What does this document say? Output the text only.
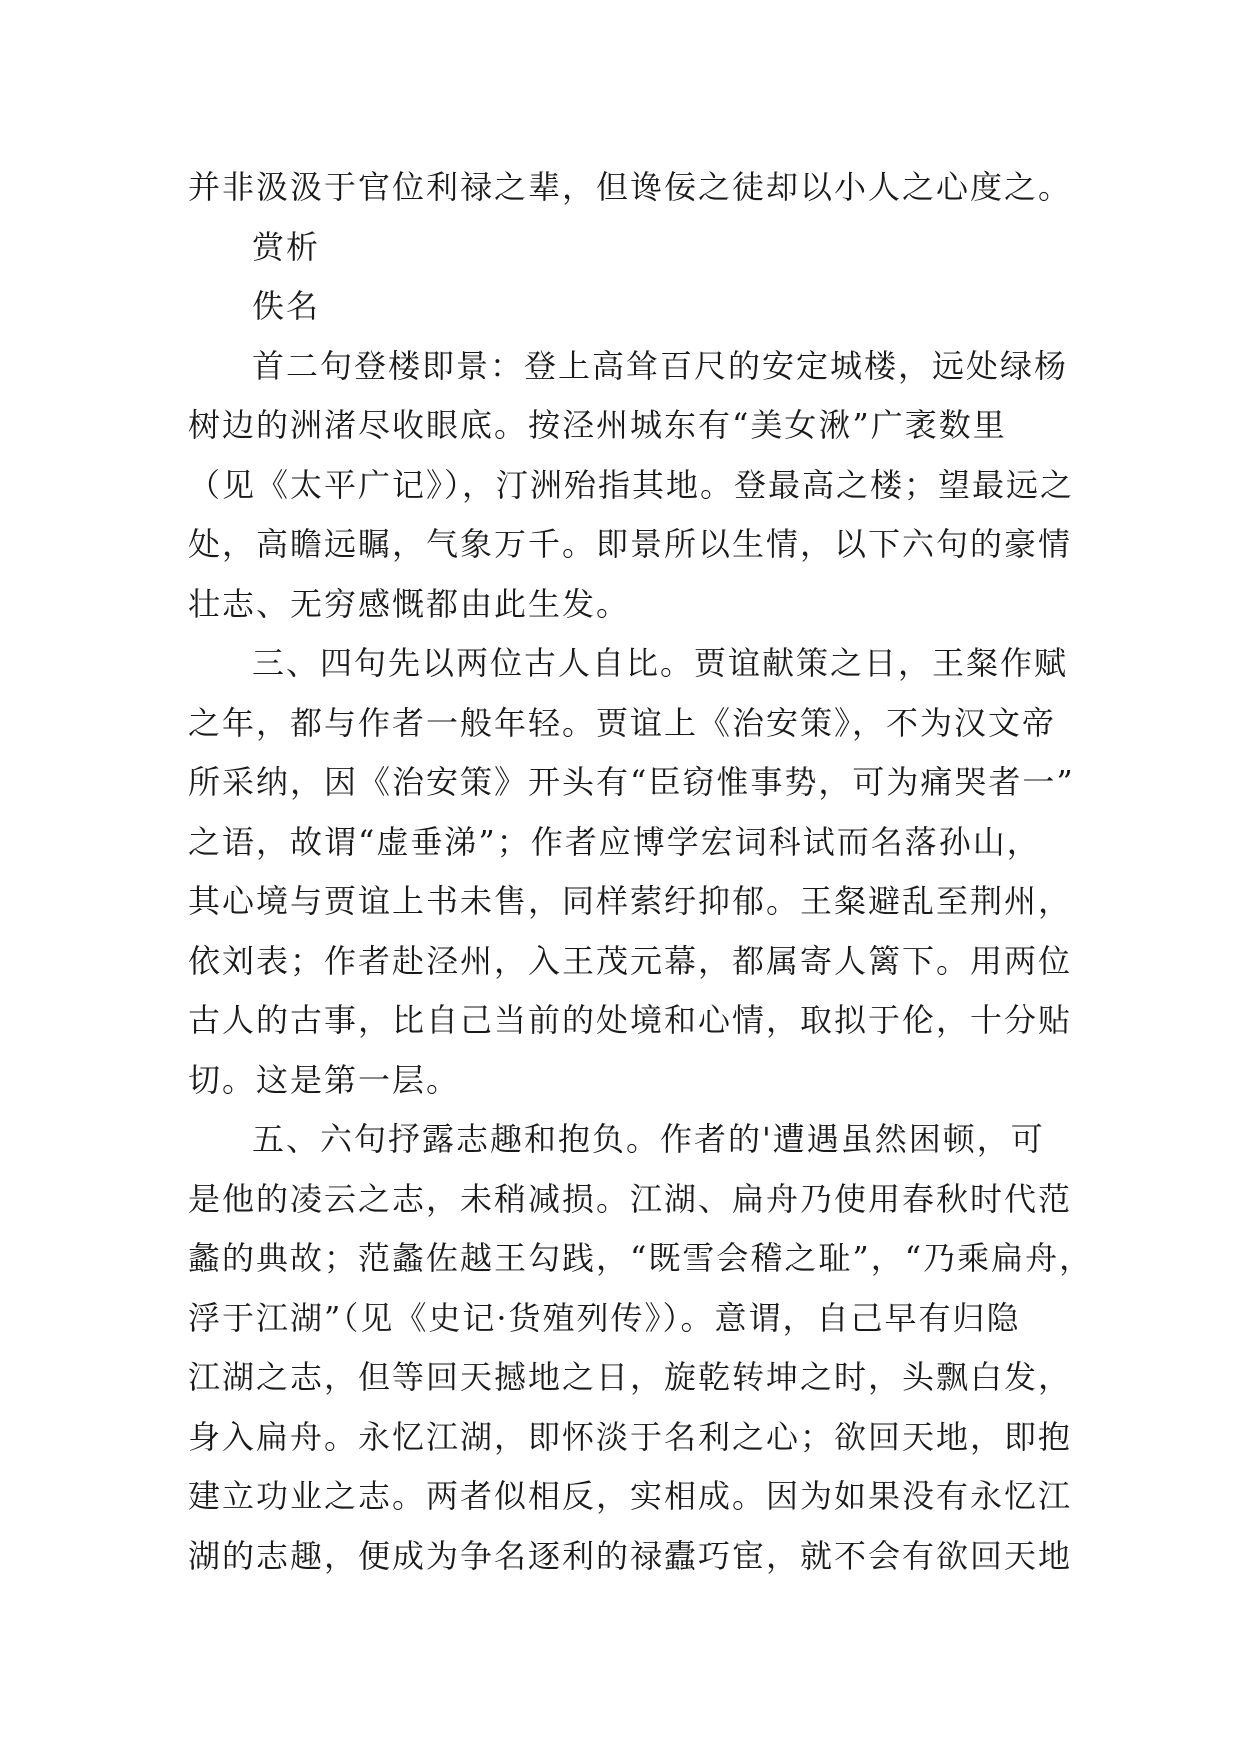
并非汲汲于官位利禄之辈，但谗佞之徒却以小人之心度之。
赏析
佚名
首二句登楼即景：登上高耸百尺的安定城楼，远处绿杨
树边的洲渚尽收眼底。按泾州城东有“美女湫”广袤数里
（见《太平广记》），汀洲殆指其地。登最高之楼；望最远之
处，高瞻远瞩，气象万千。即景所以生情，以下六句的豪情
壮志、无穷感慨都由此生发。
三、四句先以两位古人自比。贾谊献策之日，王粲作赋
之年，都与作者一般年轻。贾谊上《治安策》，不为汉文帝
所采纳，因《治安策》开头有“臣窃惟事势，可为痛哭者一”
之语，故谓“虚垂涕”；作者应博学宏词科试而名落孙山，
其心境与贾谊上书未售，同样萦纡抑郁。王粲避乱至荆州，
依刘表；作者赴泾州，入王茂元幕，都属寄人篱下。用两位
古人的古事，比自己当前的处境和心情，取拟于伦，十分贴
切。这是第一层。
五、六句抒露志趣和抱负。作者的'遭遇虽然困顿，可
是他的凌云之志，未稍减损。江湖、扁舟乃使用春秋时代范
蠡的典故；范蠡佐越王勾践，“既雪会稽之耻”，“乃乘扁舟，
浮于江湖”（见《史记·货殖列传》）。意谓，自己早有归隐
江湖之志，但等回天撼地之日，旋乾转坤之时，头飘白发，
身入扁舟。永忆江湖，即怀淡于名利之心；欲回天地，即抱
建立功业之志。两者似相反，实相成。因为如果没有永忆江
湖的志趣，便成为争名逐利的禄蠹巧宦，就不会有欲回天地
